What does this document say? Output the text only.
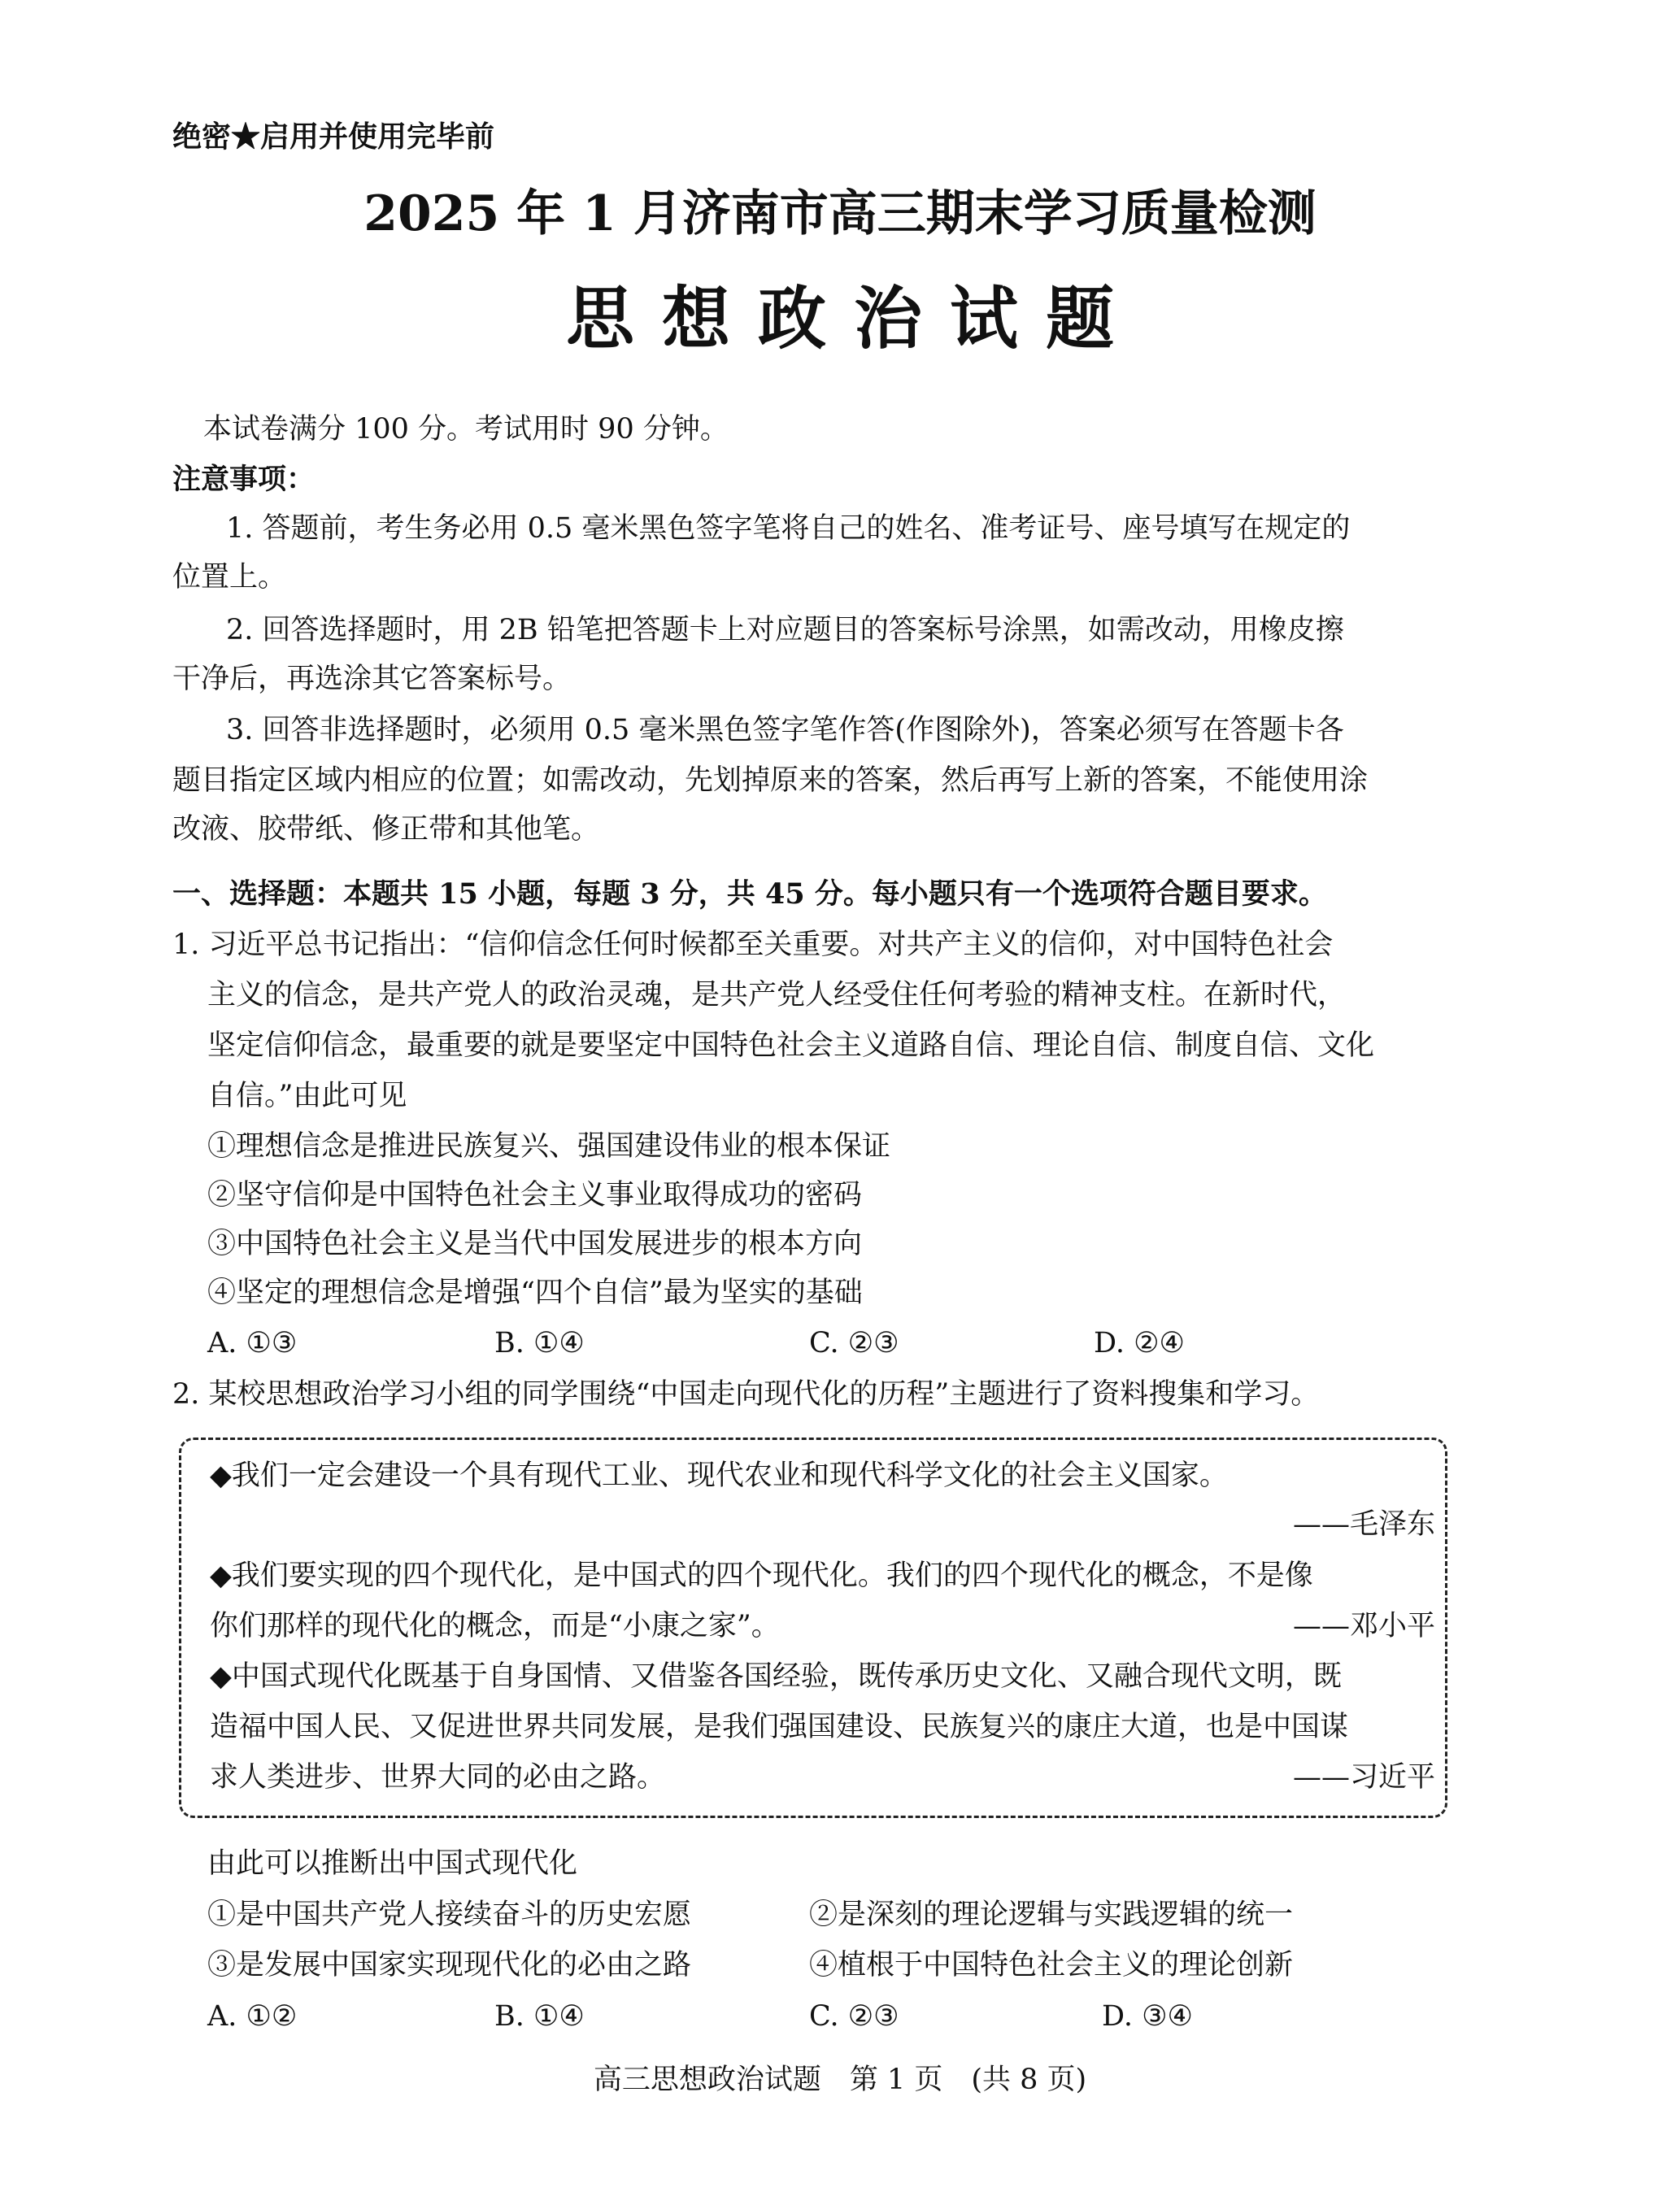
绝密★启用并使用完毕前
2025 年 1 月济南市高三期末学习质量检测
思想政治试题
本试卷满分 100 分。考试用时 90 分钟。
注意事项：
1. 答题前，考生务必用 0.5 毫米黑色签字笔将自己的姓名、准考证号、座号填写在规定的
位置上。
2. 回答选择题时，用 2B 铅笔把答题卡上对应题目的答案标号涂黑，如需改动，用橡皮擦
干净后，再选涂其它答案标号。
3. 回答非选择题时，必须用 0.5 毫米黑色签字笔作答(作图除外)，答案必须写在答题卡各
题目指定区域内相应的位置；如需改动，先划掉原来的答案，然后再写上新的答案，不能使用涂
改液、胶带纸、修正带和其他笔。
一、选择题：本题共 15 小题，每题 3 分，共 45 分。每小题只有一个选项符合题目要求。
1. 习近平总书记指出：“信仰信念任何时候都至关重要。对共产主义的信仰，对中国特色社会
主义的信念，是共产党人的政治灵魂，是共产党人经受住任何考验的精神支柱。在新时代，
坚定信仰信念，最重要的就是要坚定中国特色社会主义道路自信、理论自信、制度自信、文化
自信。”由此可见
①理想信念是推进民族复兴、强国建设伟业的根本保证
②坚守信仰是中国特色社会主义事业取得成功的密码
③中国特色社会主义是当代中国发展进步的根本方向
④坚定的理想信念是增强“四个自信”最为坚实的基础
A. ①③	B. ①④	C. ②③	D. ②④
2. 某校思想政治学习小组的同学围绕“中国走向现代化的历程”主题进行了资料搜集和学习。
◆我们一定会建设一个具有现代工业、现代农业和现代科学文化的社会主义国家。
——毛泽东
◆我们要实现的四个现代化，是中国式的四个现代化。我们的四个现代化的概念，不是像
你们那样的现代化的概念，而是“小康之家”。	——邓小平
◆中国式现代化既基于自身国情、又借鉴各国经验，既传承历史文化、又融合现代文明，既
造福中国人民、又促进世界共同发展，是我们强国建设、民族复兴的康庄大道，也是中国谋
求人类进步、世界大同的必由之路。	——习近平
由此可以推断出中国式现代化
①是中国共产党人接续奋斗的历史宏愿	②是深刻的理论逻辑与实践逻辑的统一
③是发展中国家实现现代化的必由之路	④植根于中国特色社会主义的理论创新
A. ①②	B. ①④	C. ②③	D. ③④
高三思想政治试题　第 1 页　(共 8 页)
